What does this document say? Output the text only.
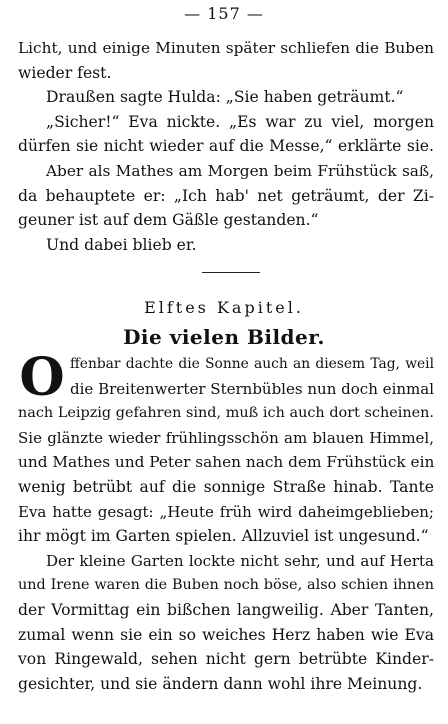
— 157 —
Licht, und einige Minuten später schliefen die Buben
wieder fest.
Draußen sagte Hulda: „Sie haben geträumt.“
„Sicher!“ Eva nickte. „Es war zu viel, morgen
dürfen sie nicht wieder auf die Messe,“ erklärte sie.
Aber als Mathes am Morgen beim Frühstück saß,
da behauptete er: „Ich hab' net geträumt, der Zi-
geuner ist auf dem Gäßle gestanden.“
Und dabei blieb er.
Elftes Kapitel.
Die vielen Bilder.
O ffenbar dachte die Sonne auch an diesem Tag, weil
die Breitenwerter Sternbübles nun doch einmal
nach Leipzig gefahren sind, muß ich auch dort scheinen.
Sie glänzte wieder frühlingsschön am blauen Himmel,
und Mathes und Peter sahen nach dem Frühstück ein
wenig betrübt auf die sonnige Straße hinab. Tante
Eva hatte gesagt: „Heute früh wird daheimgeblieben;
ihr mögt im Garten spielen. Allzuviel ist ungesund.“
Der kleine Garten lockte nicht sehr, und auf Herta
und Irene waren die Buben noch böse, also schien ihnen
der Vormittag ein bißchen langweilig. Aber Tanten,
zumal wenn sie ein so weiches Herz haben wie Eva
von Ringewald, sehen nicht gern betrübte Kinder-
gesichter, und sie ändern dann wohl ihre Meinung.
